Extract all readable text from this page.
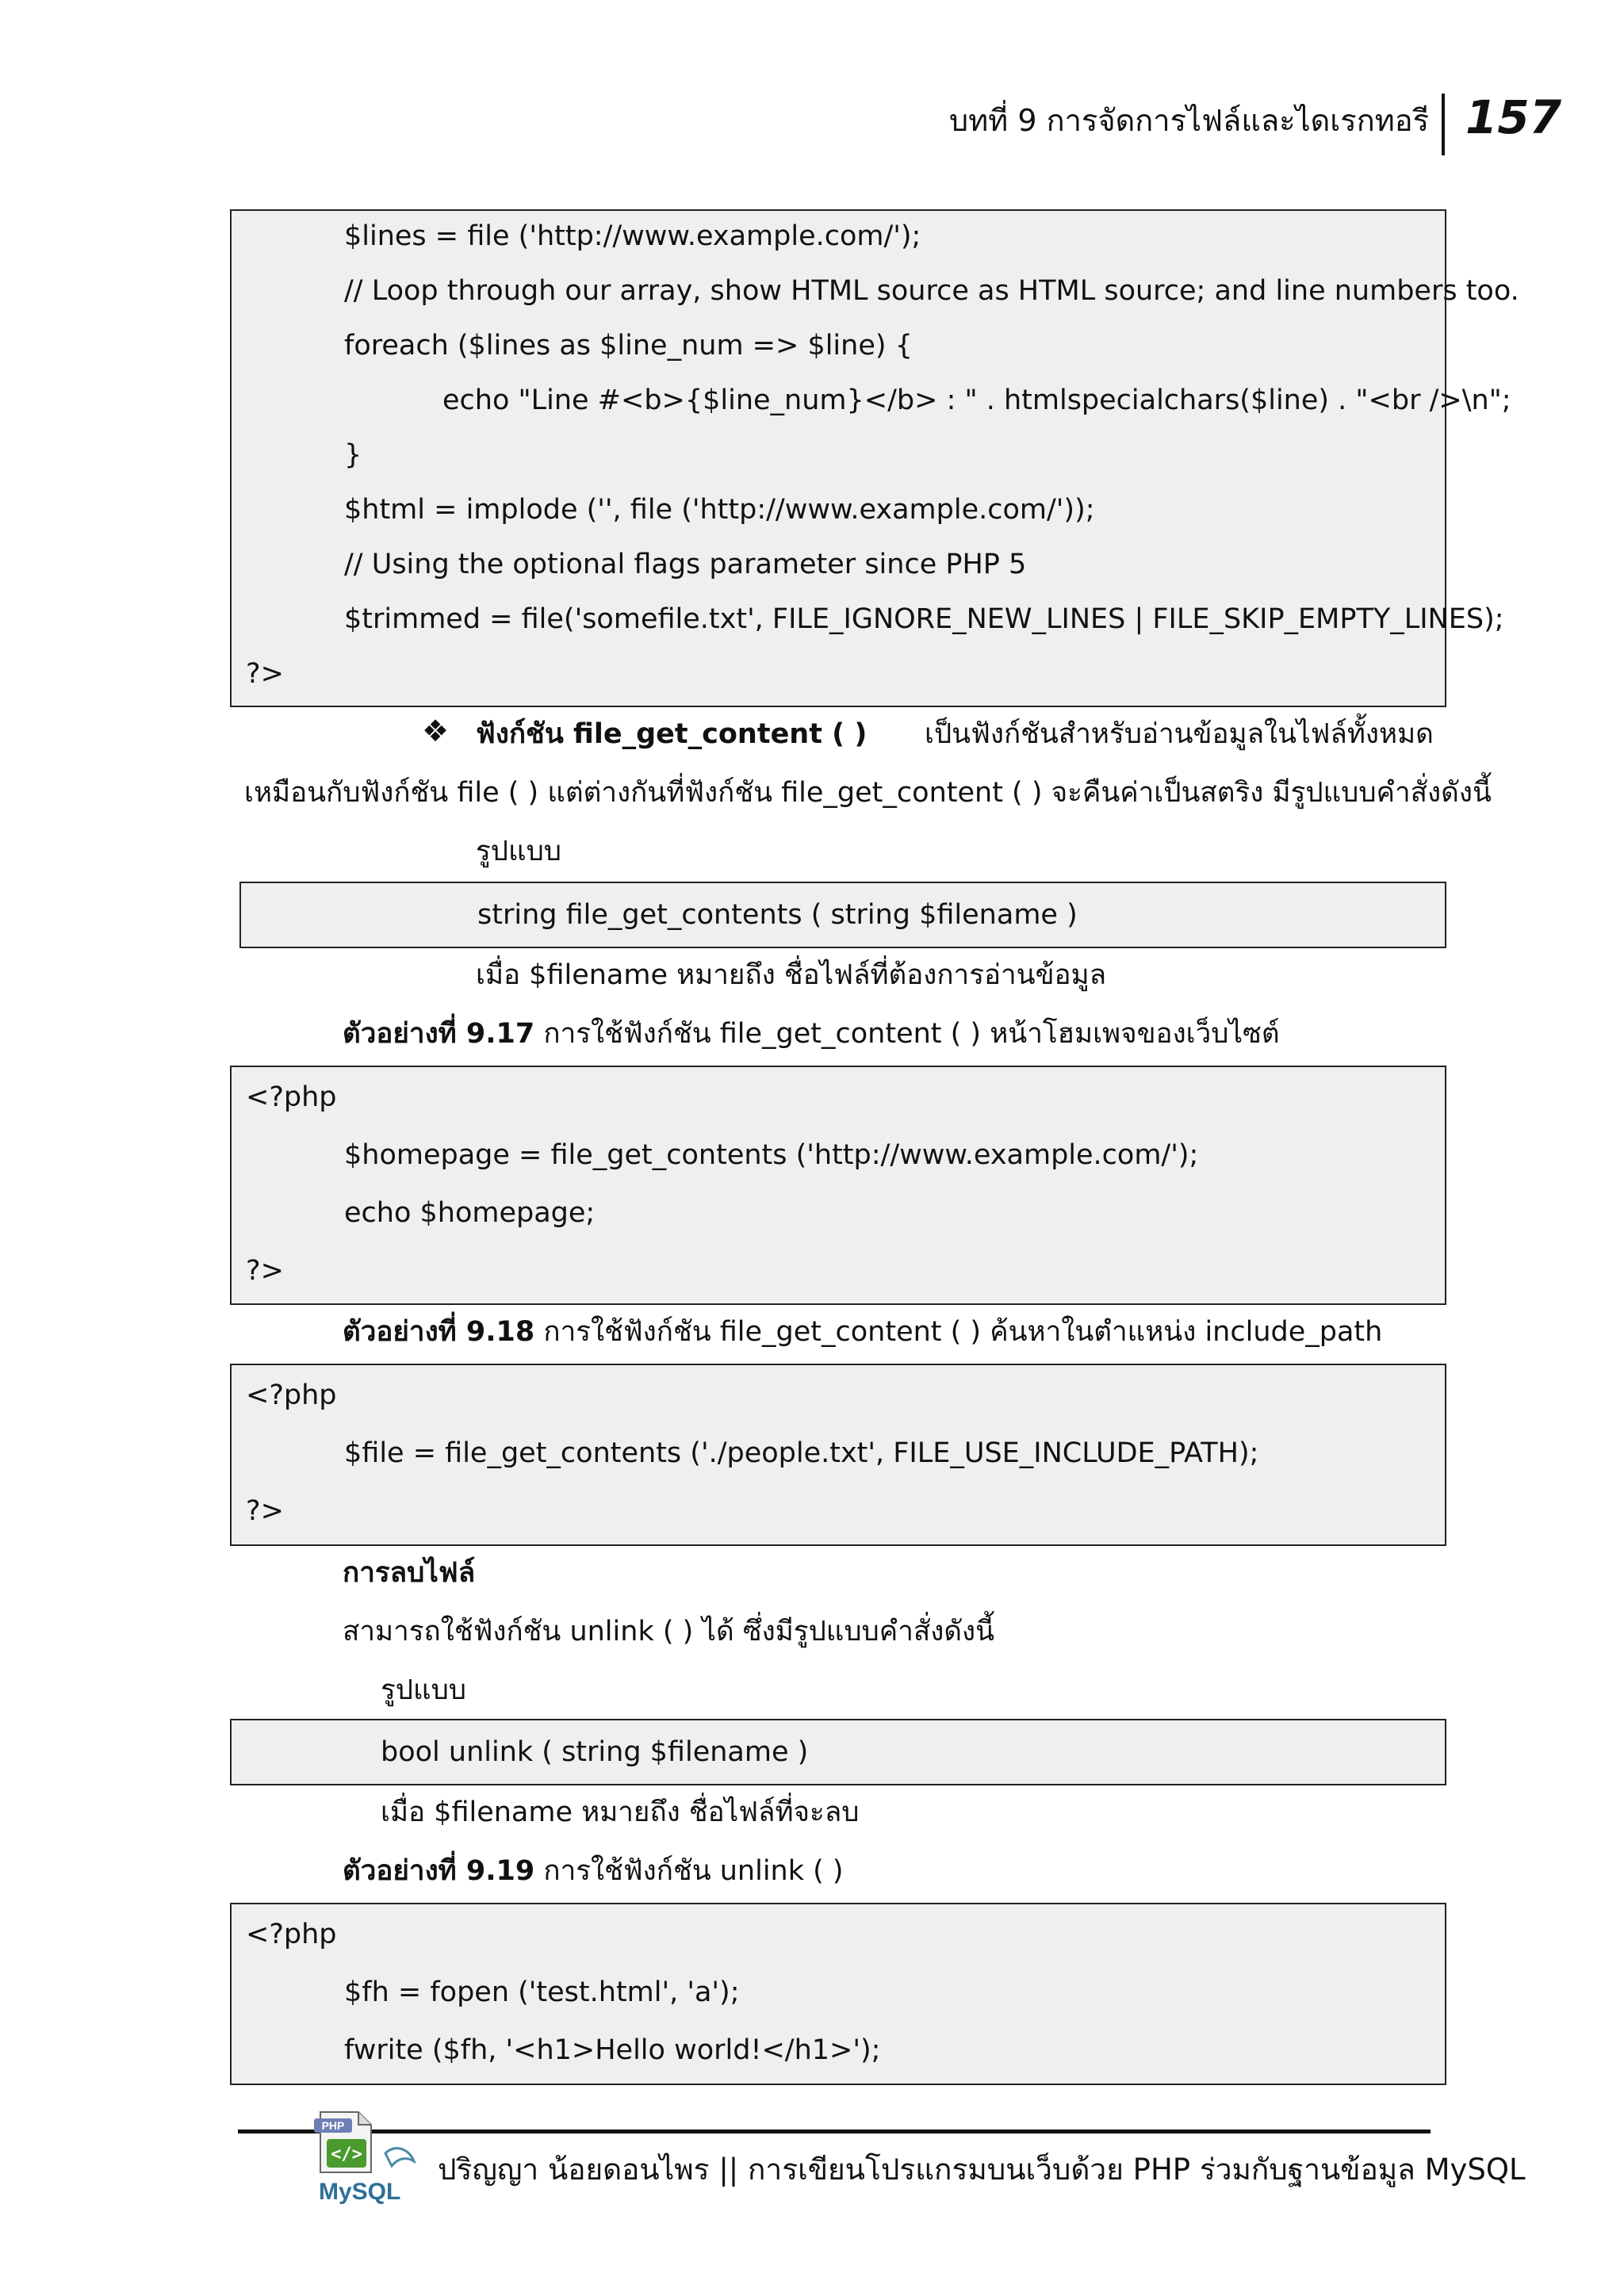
บทที่ 9 การจัดการไฟล์และไดเรกทอรี 157
$lines = file ('http://www.example.com/');
// Loop through our array, show HTML source as HTML source; and line numbers too.
foreach ($lines as $line_num => $line) {
echo "Line #<b>{$line_num}</b> : " . htmlspecialchars($line) . "<br />\n";
}
$html = implode ('', file ('http://www.example.com/'));
// Using the optional flags parameter since PHP 5
$trimmed = file('somefile.txt', FILE_IGNORE_NEW_LINES | FILE_SKIP_EMPTY_LINES);
?>
❖ ฟังก์ชัน file_get_content ( ) เป็นฟังก์ชันสำหรับอ่านข้อมูลในไฟล์ทั้งหมด
เหมือนกับฟังก์ชัน file ( ) แต่ต่างกันที่ฟังก์ชัน file_get_content ( ) จะคืนค่าเป็นสตริง มีรูปแบบคำสั่งดังนี้
รูปแบบ
string file_get_contents ( string $filename )
เมื่อ $filename หมายถึง ชื่อไฟล์ที่ต้องการอ่านข้อมูล
ตัวอย่างที่ 9.17 การใช้ฟังก์ชัน file_get_content ( ) หน้าโฮมเพจของเว็บไซต์
<?php
$homepage = file_get_contents ('http://www.example.com/');
echo $homepage;
?>
ตัวอย่างที่ 9.18 การใช้ฟังก์ชัน file_get_content ( ) ค้นหาในตำแหน่ง include_path
<?php
$file = file_get_contents ('./people.txt', FILE_USE_INCLUDE_PATH);
?>
การลบไฟล์
สามารถใช้ฟังก์ชัน unlink ( ) ได้ ซึ่งมีรูปแบบคำสั่งดังนี้
รูปแบบ
bool unlink ( string $filename )
เมื่อ $filename หมายถึง ชื่อไฟล์ที่จะลบ
ตัวอย่างที่ 9.19 การใช้ฟังก์ชัน unlink ( )
<?php
$fh = fopen ('test.html', 'a');
fwrite ($fh, '<h1>Hello world!</h1>');
PHP
</>
MySQL
ปริญญา น้อยดอนไพร || การเขียนโปรแกรมบนเว็บด้วย PHP ร่วมกับฐานข้อมูล MySQL
